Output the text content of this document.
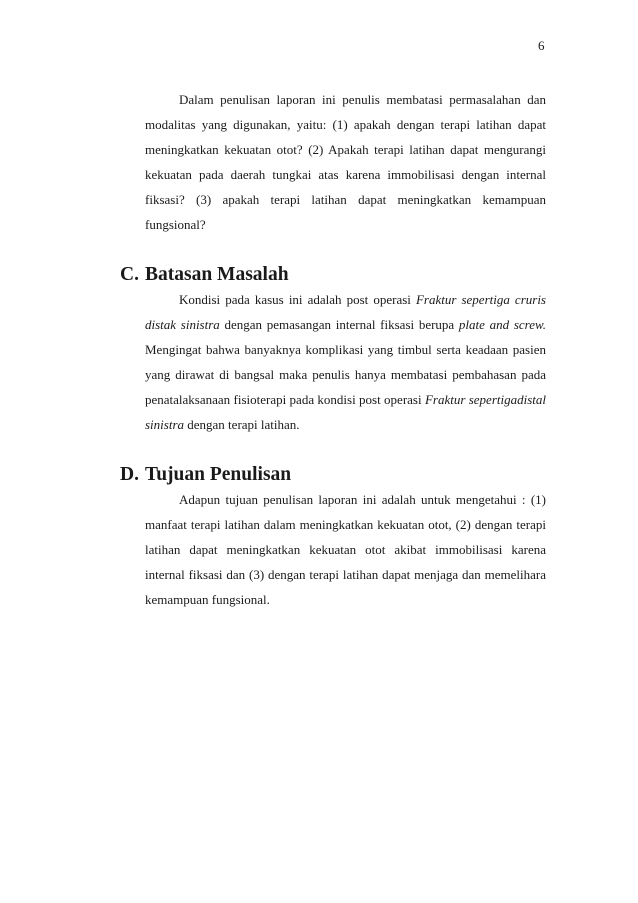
6

Dalam penulisan laporan ini penulis membatasi permasalahan dan modalitas yang digunakan, yaitu: (1) apakah dengan terapi latihan dapat meningkatkan kekuatan otot? (2) Apakah terapi latihan dapat mengurangi kekuatan pada daerah tungkai atas karena immobilisasi dengan internal fiksasi? (3) apakah terapi latihan dapat meningkatkan kemampuan fungsional?

C. Batasan Masalah

Kondisi pada kasus ini adalah post operasi Fraktur sepertiga cruris distak sinistra dengan pemasangan internal fiksasi berupa plate and screw. Mengingat bahwa banyaknya komplikasi yang timbul serta keadaan pasien yang dirawat di bangsal maka penulis hanya membatasi pembahasan pada penatalaksanaan fisioterapi pada kondisi post operasi Fraktur sepertigadistal sinistra dengan terapi latihan.

D. Tujuan Penulisan

Adapun tujuan penulisan laporan ini adalah untuk mengetahui : (1) manfaat terapi latihan dalam meningkatkan kekuatan otot, (2) dengan terapi latihan dapat meningkatkan kekuatan otot akibat immobilisasi karena internal fiksasi dan (3) dengan terapi latihan dapat menjaga dan memelihara kemampuan fungsional.
